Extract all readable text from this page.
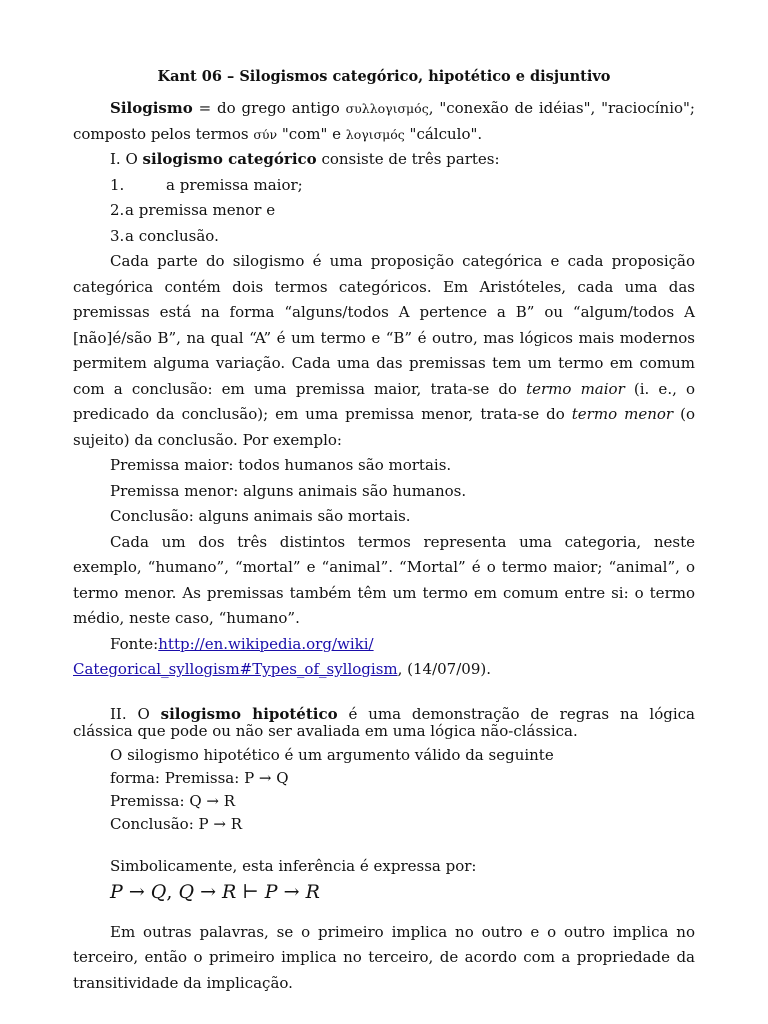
Kant 06 – Silogismos categórico, hipotético e disjuntivo

Silogismo = do grego antigo συλλογισμός, "conexão de idéias", "raciocínio"; composto pelos termos σύν "com" e λογισμός "cálculo".

I. O silogismo categórico consiste de três partes:

1.	a premissa maior;
2. a premissa menor e
3. a conclusão.

Cada parte do silogismo é uma proposição categórica e cada proposição categórica contém dois termos categóricos. Em Aristóteles, cada uma das premissas está na forma “alguns/todos A pertence a B” ou “algum/todos A [não]é/são B”, na qual “A” é um termo e “B” é outro, mas lógicos mais modernos permitem alguma variação. Cada uma das premissas tem um termo em comum com a conclusão: em uma premissa maior, trata-se do termo maior (i. e., o predicado da conclusão); em uma premissa menor, trata-se do termo menor (o sujeito) da conclusão. Por exemplo:

Premissa maior: todos humanos são mortais.

Premissa menor: alguns animais são humanos.

Conclusão: alguns animais são mortais.

Cada um dos três distintos termos representa uma categoria, neste exemplo, “humano”, “mortal” e “animal”. “Mortal” é o termo maior; “animal”, o termo menor. As premissas também têm um termo em comum entre si: o termo médio, neste caso, “humano”.

Fonte:http://en.wikipedia.org/wiki/

Categorical_syllogism#Types_of_syllogism, (14/07/09).

II. O silogismo hipotético é uma demonstração de regras na lógica clássica que pode ou não ser avaliada em uma lógica não-clássica.

O silogismo hipotético é um argumento válido da seguinte

forma: Premissa: P → Q

Premissa: Q → R

Conclusão: P → R

Simbolicamente, esta inferência é expressa por:

P → Q, Q → R ⊢ P → R

Em outras palavras, se o primeiro implica no outro e o outro implica no terceiro, então o primeiro implica no terceiro, de acordo com a propriedade da transitividade da implicação.
